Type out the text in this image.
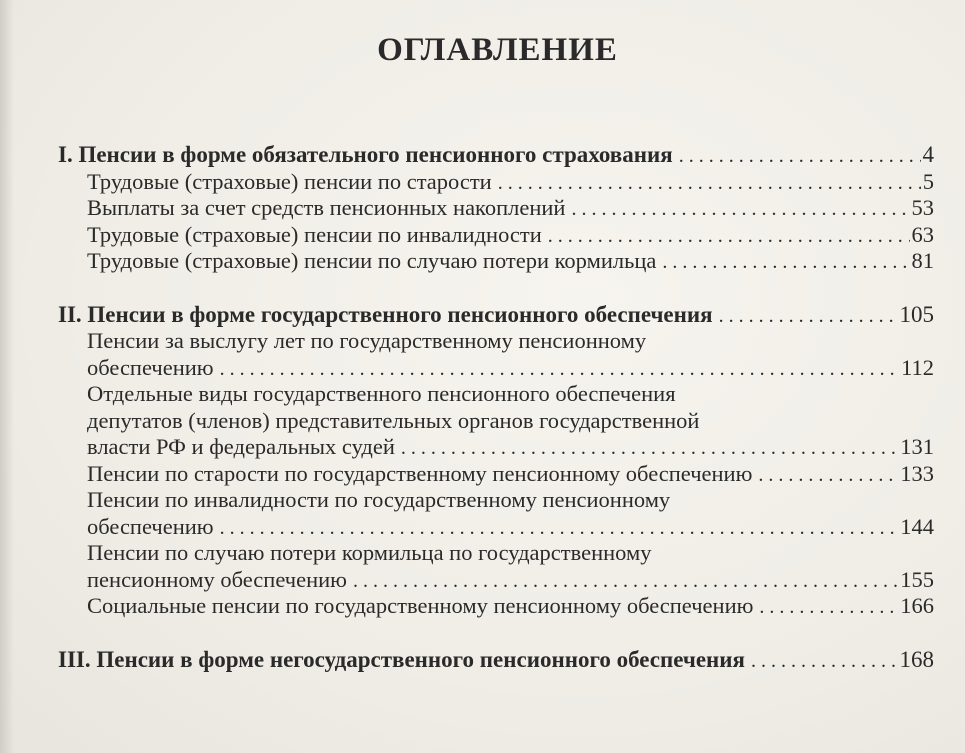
ОГЛАВЛЕНИЕ
I. Пенсии в форме обязательного пенсионного страхования . . .	4
Трудовые (страховые) пенсии по старости . . .	5
Выплаты за счет средств пенсионных накоплений . . .	53
Трудовые (страховые) пенсии по инвалидности . . .	63
Трудовые (страховые) пенсии по случаю потери кормильца . . .	81
II. Пенсии в форме государственного пенсионного обеспечения . . .	105
Пенсии за выслугу лет по государственному пенсионному
обеспечению . . .	112
Отдельные виды государственного пенсионного обеспечения
депутатов (членов) представительных органов государственной
власти РФ и федеральных судей . . .	131
Пенсии по старости по государственному пенсионному обеспечению . . .	133
Пенсии по инвалидности по государственному пенсионному
обеспечению . . .	144
Пенсии по случаю потери кормильца по государственному
пенсионному обеспечению . . .	155
Социальные пенсии по государственному пенсионному обеспечению . . .	166
III. Пенсии в форме негосударственного пенсионного обеспечения . . .	168
